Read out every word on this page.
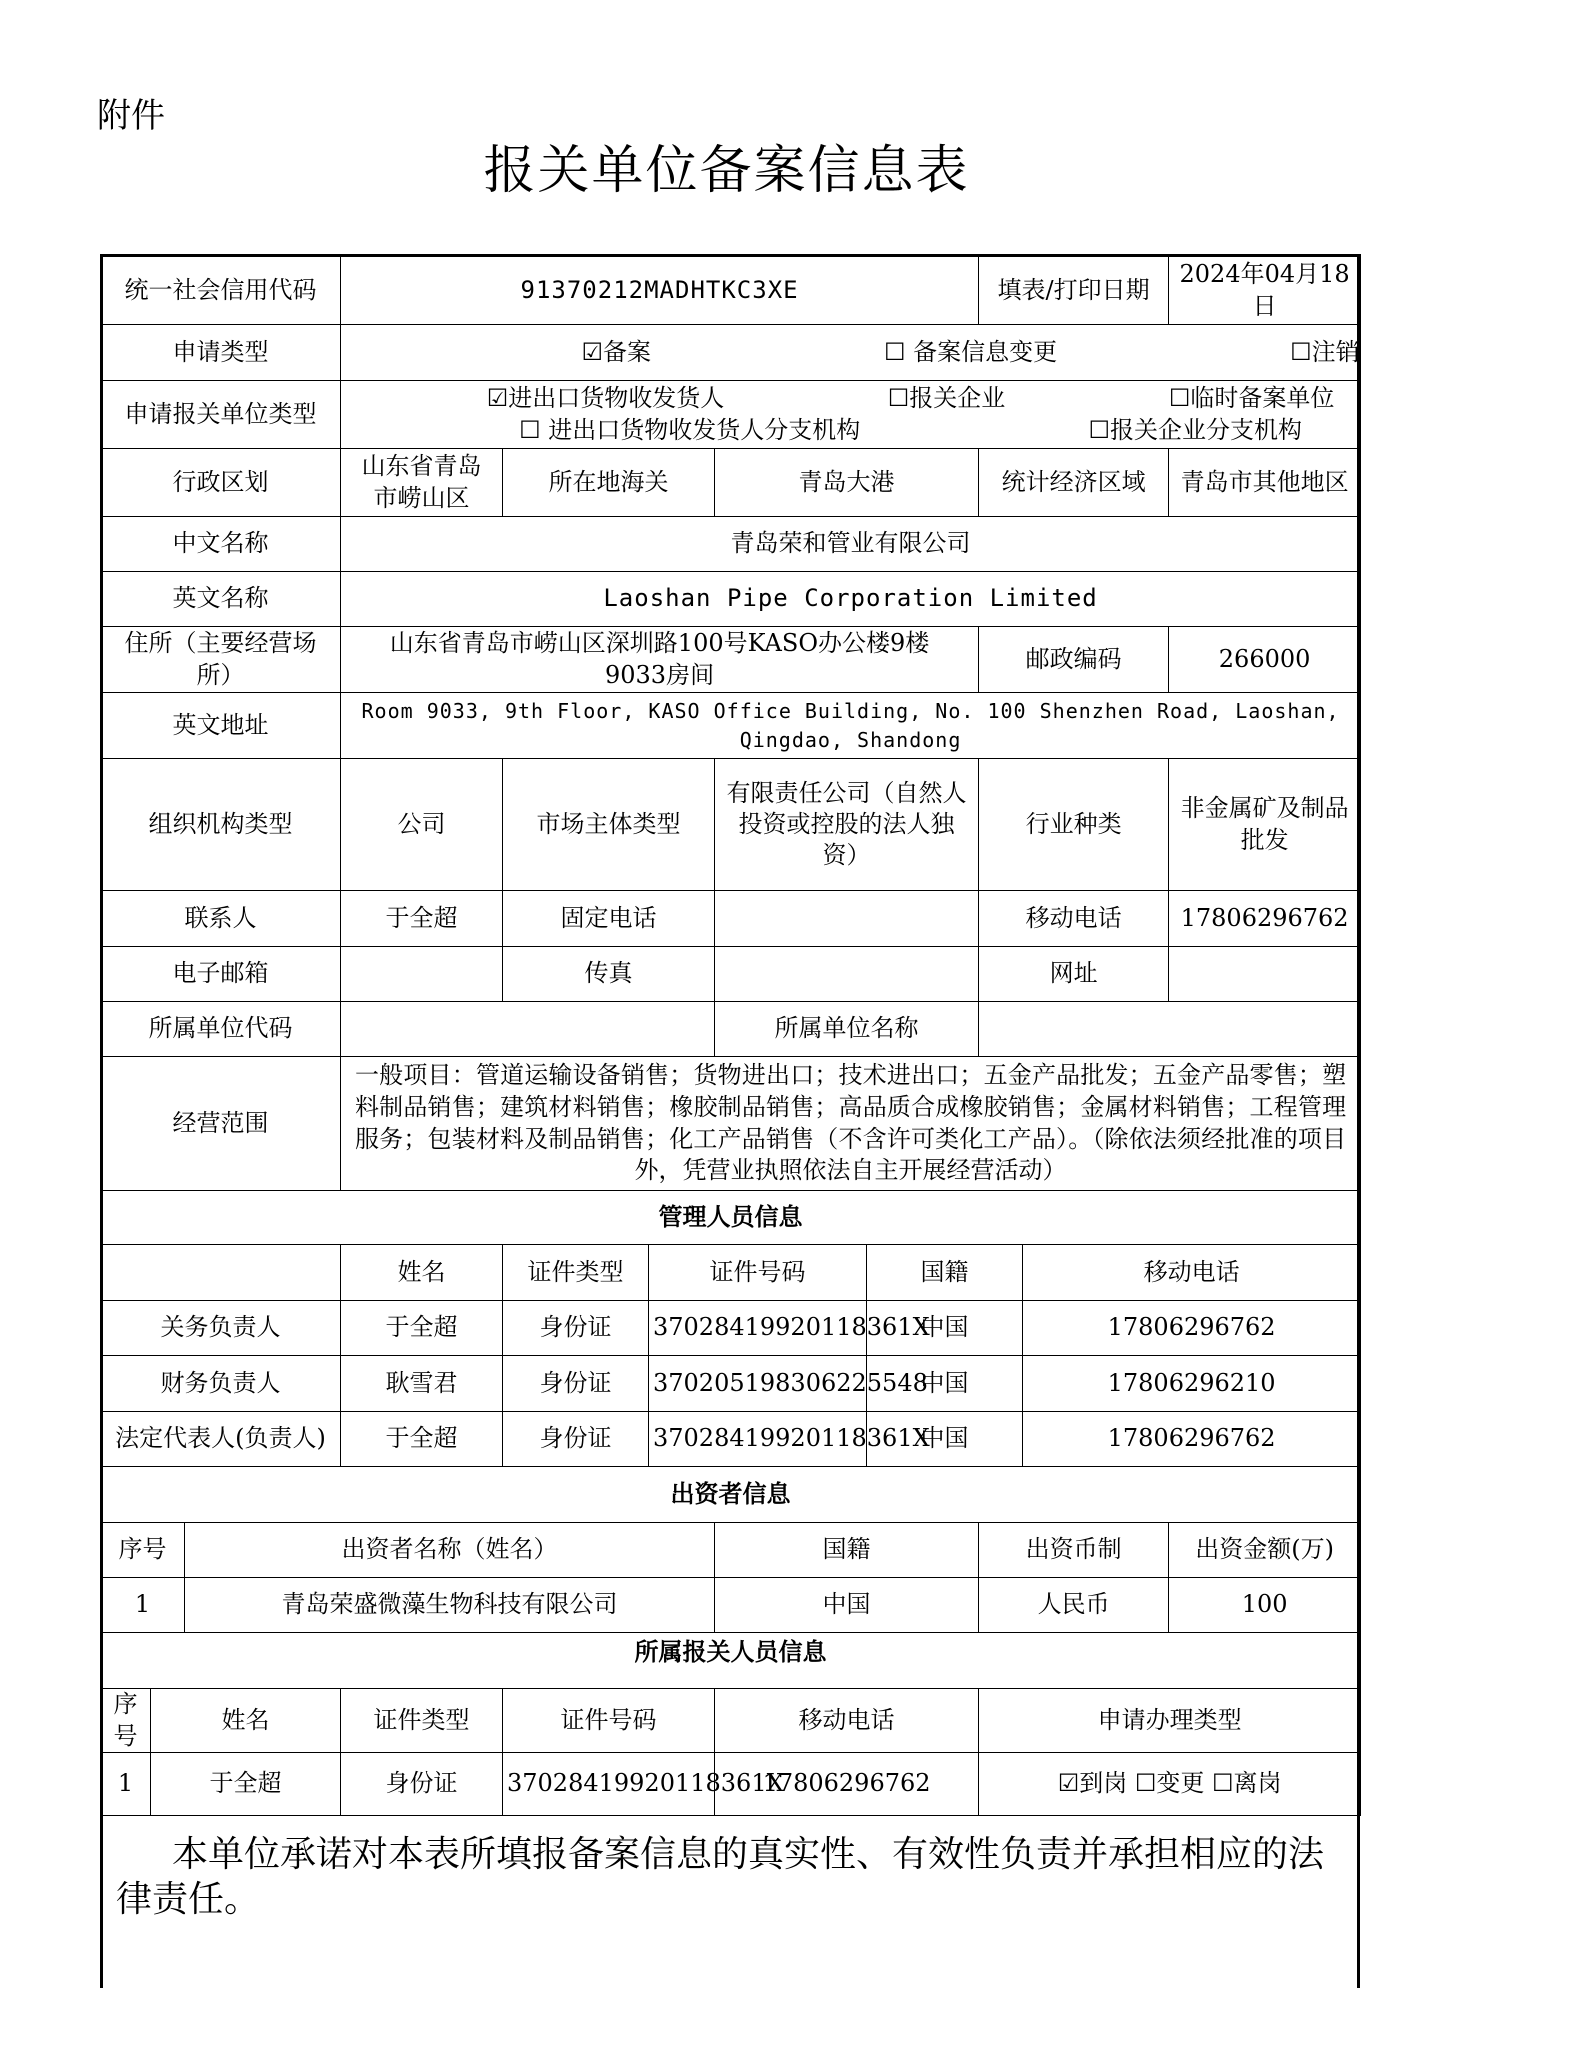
附件
报关单位备案信息表
统一社会信用代码			91370212MADHTKC3XE					填表/打印日期		2024年04月18日
申请类型			☑备案 ☐ 备案信息变更 ☐注销							

申请报关单位类型			☑进出口货物收发货人 ☐报关企业 ☐临时备案单位
☐ 进出口货物收发货人分支机构 ☐报关企业分支机构							

行政区划			山东省青岛市崂山区	所在地海关		青岛大港		统计经济区域		青岛市其他地区
中文名称			青岛荣和管业有限公司							
英文名称			Laoshan Pipe Corporation Limited							
住所（主要经营场所）			山东省青岛市崂山区深圳路100号KASO办公楼9楼9033房间					邮政编码		266000
英文地址			Room 9033, 9th Floor, KASO Office Building, No. 100 Shenzhen Road, Laoshan, Qingdao, Shandong							
组织机构类型			公司	市场主体类型		有限责任公司（自然人投资或控股的法人独资）		行业种类		非金属矿及制品批发
联系人			于全超	固定电话				移动电话		17806296762
电子邮箱				传真				网址		
所属单位代码						所属单位名称				
经营范围			一般项目：管道运输设备销售；货物进出口；技术进出口；五金产品批发；五金产品零售；塑料制品销售；建筑材料销售；橡胶制品销售；高品质合成橡胶销售；金属材料销售；工程管理服务；包装材料及制品销售；化工产品销售（不含许可类化工产品）。（除依法须经批准的项目外，凭营业执照依法自主开展经营活动）							
管理人员信息										
			姓名	证件类型	证件号码		国籍		移动电话	
关务负责人			于全超	身份证	37028419920118361X		中国		17806296762	
财务负责人			耿雪君	身份证	370205198306225548		中国		17806296210	
法定代表人(负责人)			于全超	身份证	37028419920118361X		中国		17806296762	
出资者信息										
序号		出资者名称（姓名）				国籍		出资币制		出资金额(万)
1		青岛荣盛微藻生物科技有限公司				中国		人民币		100
所属报关人员信息										
序号	姓名		证件类型	证件号码		移动电话		申请办理类型		
1	于全超		身份证	37028419920118361X		17806296762		☑到岗 ☐变更 ☐离岗		
本单位承诺对本表所填报备案信息的真实性、有效性负责并承担相应的法律责任。
